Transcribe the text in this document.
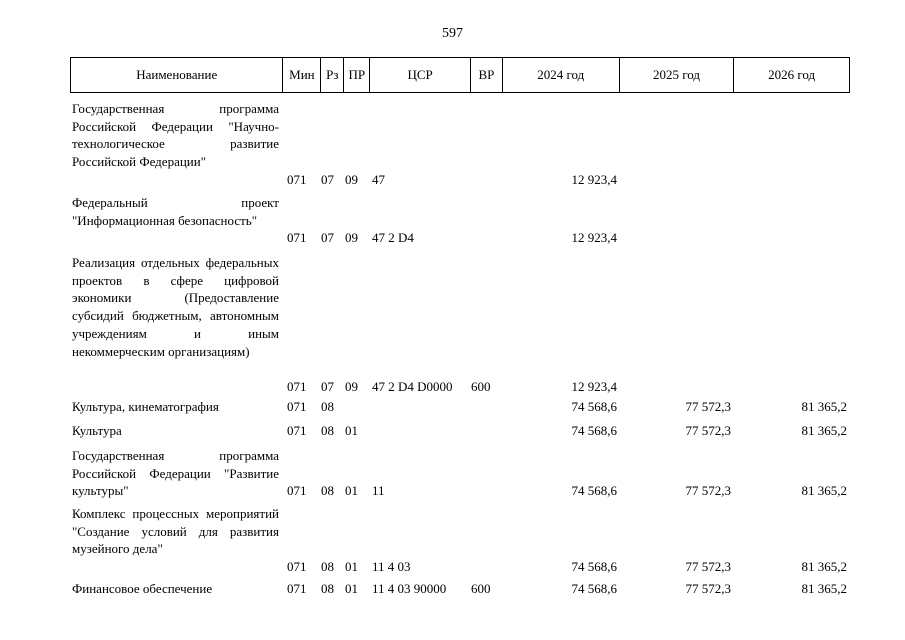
597
Наименование	Мин Рз ПР	ЦСР	ВР	2024 год	2025 год	2026 год
Государственная программа Российской Федерации "Научно-технологическое развитие Российской Федерации"
071 07 09 47	12 923,4
Федеральный проект "Информационная безопасность"
071 07 09 47 2 D4	12 923,4
Реализация отдельных федеральных проектов в сфере цифровой экономики (Предоставление субсидий бюджетным, автономным учреждениям и иным некоммерческим организациям)
071 07 09 47 2 D4 D0000 600	12 923,4
Культура, кинематография	071 08	74 568,6	77 572,3	81 365,2
Культура	071 08 01	74 568,6	77 572,3	81 365,2
Государственная программа Российской Федерации "Развитие культуры"	071 08 01 11	74 568,6	77 572,3	81 365,2
Комплекс процессных мероприятий "Создание условий для развития музейного дела"
071 08 01 11 4 03	74 568,6	77 572,3	81 365,2
Финансовое обеспечение	071 08 01 11 4 03 90000 600	74 568,6	77 572,3	81 365,2
